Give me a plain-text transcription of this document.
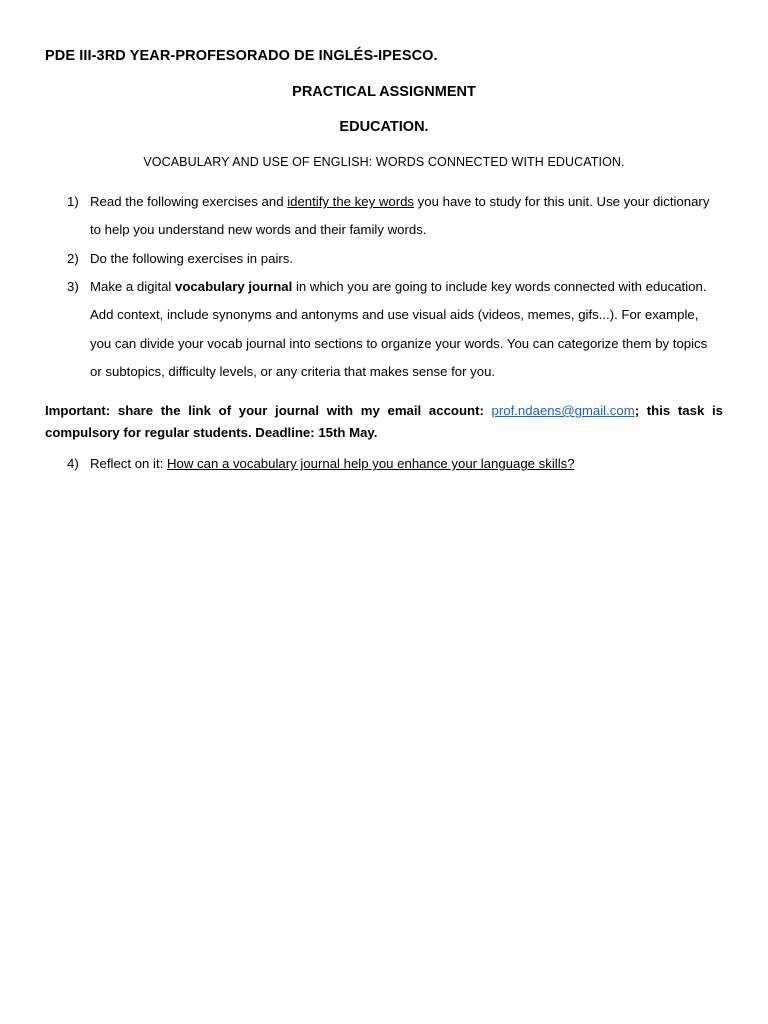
PDE III-3RD YEAR-PROFESORADO DE INGLÉS-IPESCO.
PRACTICAL ASSIGNMENT
EDUCATION.
VOCABULARY AND USE OF ENGLISH: WORDS CONNECTED WITH EDUCATION.
1) Read the following exercises and identify the key words you have to study for this unit. Use your dictionary to help you understand new words and their family words.
2) Do the following exercises in pairs.
3) Make a digital vocabulary journal in which you are going to include key words connected with education. Add context, include synonyms and antonyms and use visual aids (videos, memes, gifs...). For example, you can divide your vocab journal into sections to organize your words. You can categorize them by topics or subtopics, difficulty levels, or any criteria that makes sense for you.
Important: share the link of your journal with my email account: prof.ndaens@gmail.com; this task is compulsory for regular students. Deadline: 15th May.
4) Reflect on it: How can a vocabulary journal help you enhance your language skills?
